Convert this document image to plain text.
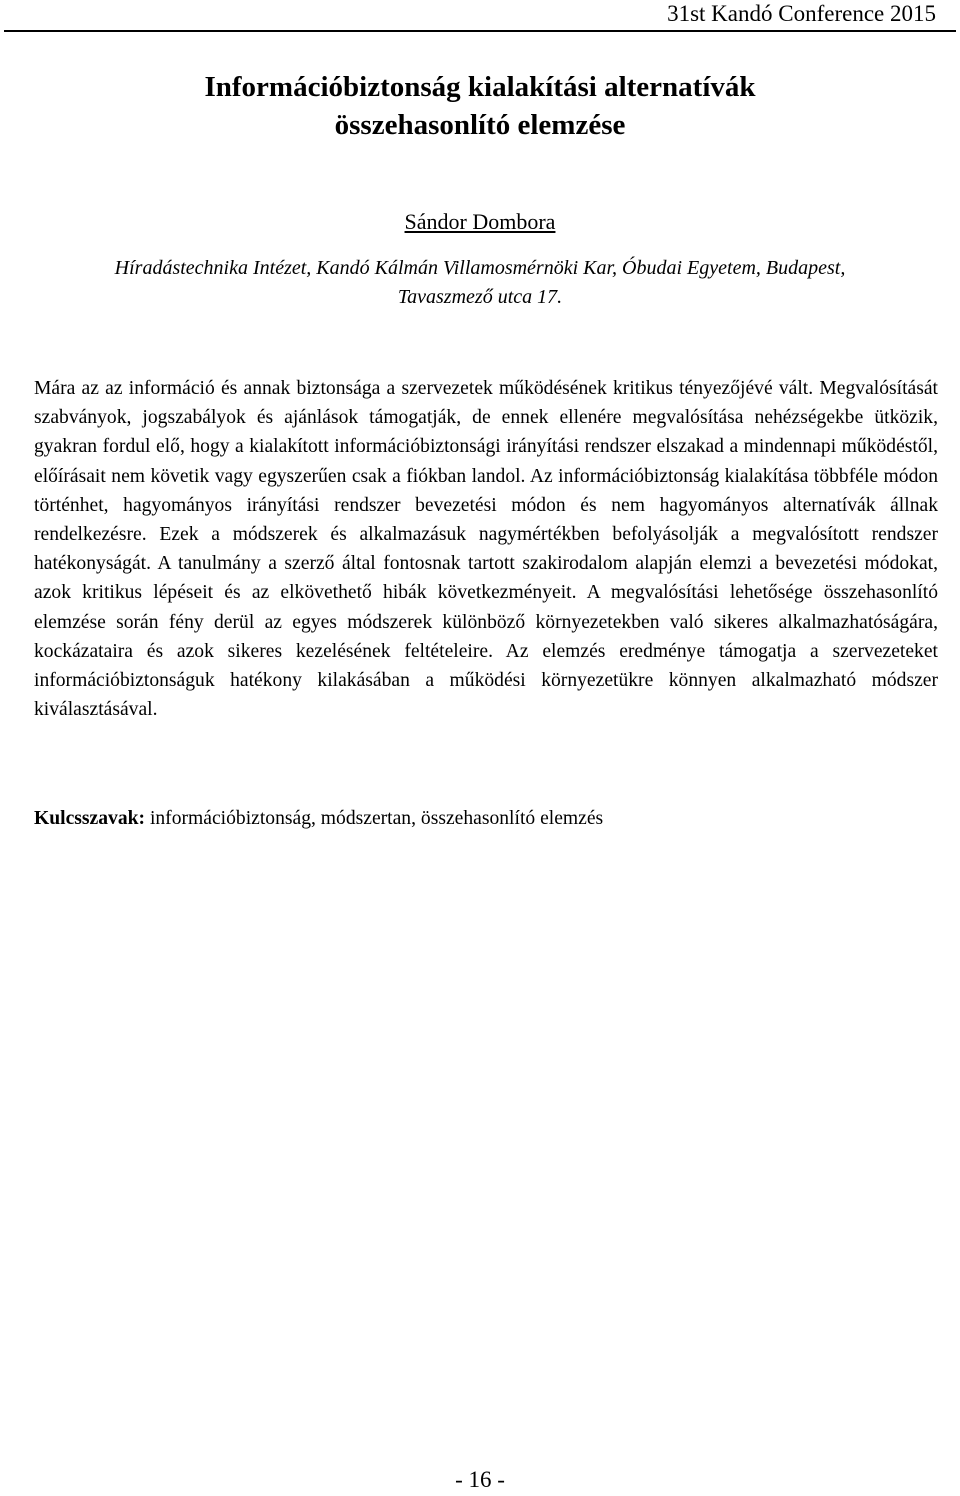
31st Kandó Conference 2015
Információbiztonság kialakítási alternatívák
összehasonlító elemzése
Sándor Dombora
Híradástechnika Intézet, Kandó Kálmán Villamosmérnöki Kar, Óbudai Egyetem, Budapest,
Tavaszmező utca 17.

Mára az az információ és annak biztonsága a szervezetek működésének kritikus tényezőjévé vált. Megvalósítását szabványok, jogszabályok és ajánlások támogatják, de ennek ellenére megvalósítása nehézségekbe ütközik, gyakran fordul elő, hogy a kialakított információbiztonsági irányítási rendszer elszakad a mindennapi működéstől, előírásait nem követik vagy egyszerűen csak a fiókban landol. Az információbiztonság kialakítása többféle módon történhet, hagyományos irányítási rendszer bevezetési módon és nem hagyományos alternatívák állnak rendelkezésre. Ezek a módszerek és alkalmazásuk nagymértékben befolyásolják a megvalósított rendszer hatékonyságát. A tanulmány a szerző által fontosnak tartott szakirodalom alapján elemzi a bevezetési módokat, azok kritikus lépéseit és az elkövethető hibák következményeit. A megvalósítási lehetősége összehasonlító elemzése során fény derül az egyes módszerek különböző környezetekben való sikeres alkalmazhatóságára, kockázataira és azok sikeres kezelésének feltételeire. Az elemzés eredménye támogatja a szervezeteket információbiztonságuk hatékony kilakásában a működési környezetükre könnyen alkalmazható módszer kiválasztásával.

Kulcsszavak: információbiztonság, módszertan, összehasonlító elemzés
- 16 -
